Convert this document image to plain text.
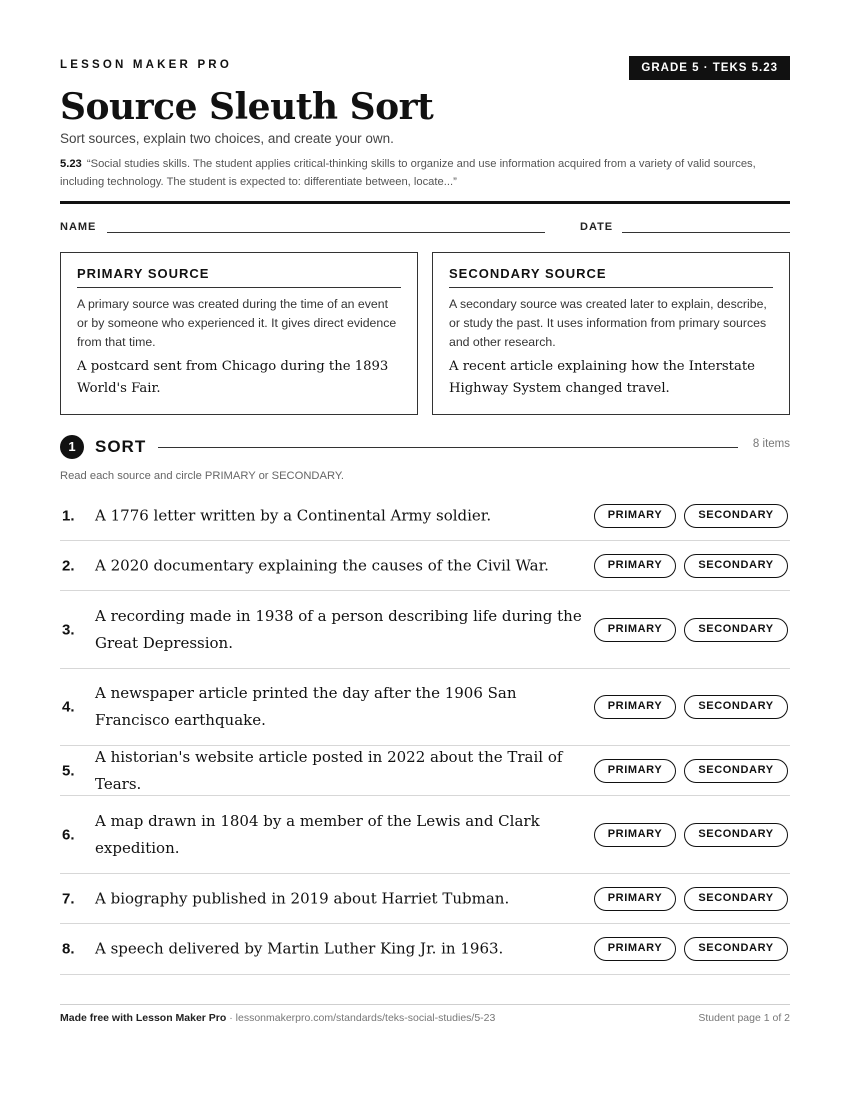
LESSON MAKER PRO	GRADE 5 · TEKS 5.23
Source Sleuth Sort
Sort sources, explain two choices, and create your own.
5.23 “Social studies skills. The student applies critical-thinking skills to organize and use information acquired from a variety of valid sources, including technology. The student is expected to: differentiate between, locate...”
NAME	DATE
PRIMARY SOURCE
A primary source was created during the time of an event or by someone who experienced it. It gives direct evidence from that time.
A postcard sent from Chicago during the 1893 World's Fair.
SECONDARY SOURCE
A secondary source was created later to explain, describe, or study the past. It uses information from primary sources and other research.
A recent article explaining how the Interstate Highway System changed travel.
1	SORT	8 items
Read each source and circle PRIMARY or SECONDARY.
1. A 1776 letter written by a Continental Army soldier.	PRIMARY	SECONDARY
2. A 2020 documentary explaining the causes of the Civil War.	PRIMARY	SECONDARY
3.
A recording made in 1938 of a person describing life during the Great Depression.
PRIMARY	SECONDARY
4.
A newspaper article printed the day after the 1906 San Francisco earthquake.
PRIMARY	SECONDARY
5.
A historian's website article posted in 2022 about the Trail of Tears.
PRIMARY	SECONDARY
6.
A map drawn in 1804 by a member of the Lewis and Clark expedition.
PRIMARY	SECONDARY
7. A biography published in 2019 about Harriet Tubman.	PRIMARY	SECONDARY
8. A speech delivered by Martin Luther King Jr. in 1963.	PRIMARY	SECONDARY
Made free with Lesson Maker Pro · lessonmakerpro.com/standards/teks-social-studies/5-23	Student page 1 of 2
